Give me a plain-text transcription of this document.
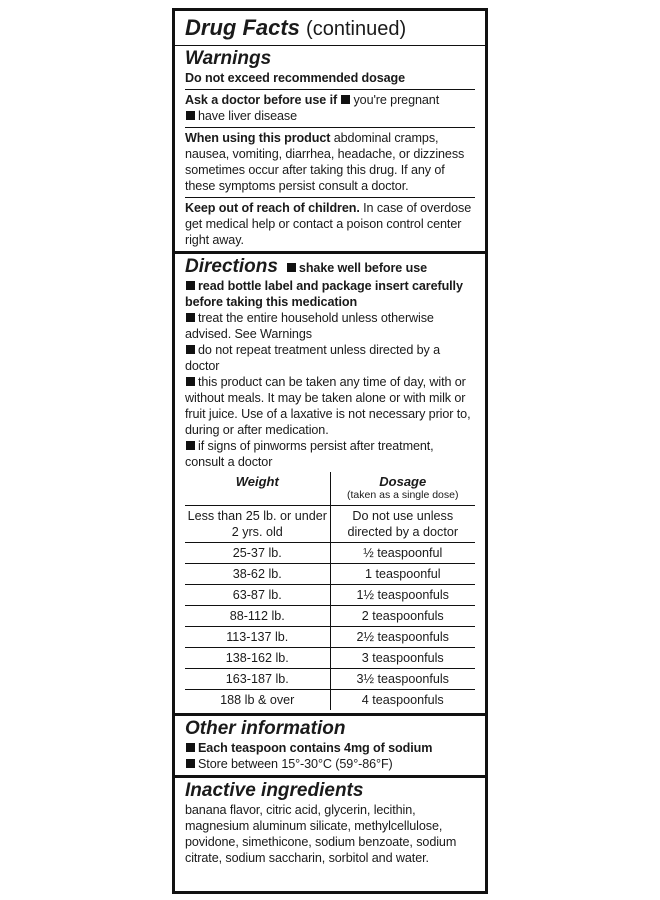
Drug Facts (continued)
Warnings

Do not exceed recommended dosage

Ask a doctor before use if you're pregnant
have liver disease

When using this product abdominal cramps, nausea, vomiting, diarrhea, headache, or dizziness sometimes occur after taking this drug. If any of these symptoms persist consult a doctor.

Keep out of reach of children. In case of overdose get medical help or contact a poison control center right away.

Directions	shake well before use

read bottle label and package insert carefully before taking this medication

treat the entire household unless otherwise advised. See Warnings

do not repeat treatment unless directed by a doctor

this product can be taken any time of day, with or without meals. It may be taken alone or with milk or fruit juice. Use of a laxative is not necessary prior to, during or after medication.

if signs of pinworms persist after treatment, consult a doctor

Weight	Dosage
(taken as a single dose)

Less than 25 lb. or under 2 yrs. old	Do not use unless directed by a doctor
25-37 lb.	½ teaspoonful
38-62 lb.	1 teaspoonful
63-87 lb.	1½ teaspoonfuls
88-112 lb.	2 teaspoonfuls
113-137 lb.	2½ teaspoonfuls
138-162 lb.	3 teaspoonfuls
163-187 lb.	3½ teaspoonfuls
188 lb & over	4 teaspoonfuls
Other information

Each teaspoon contains 4mg of sodium

Store between 15°-30°C (59°-86°F)

Inactive ingredients

banana flavor, citric acid, glycerin, lecithin, magnesium aluminum silicate, methylcellulose, povidone, simethicone, sodium benzoate, sodium citrate, sodium saccharin, sorbitol and water.
